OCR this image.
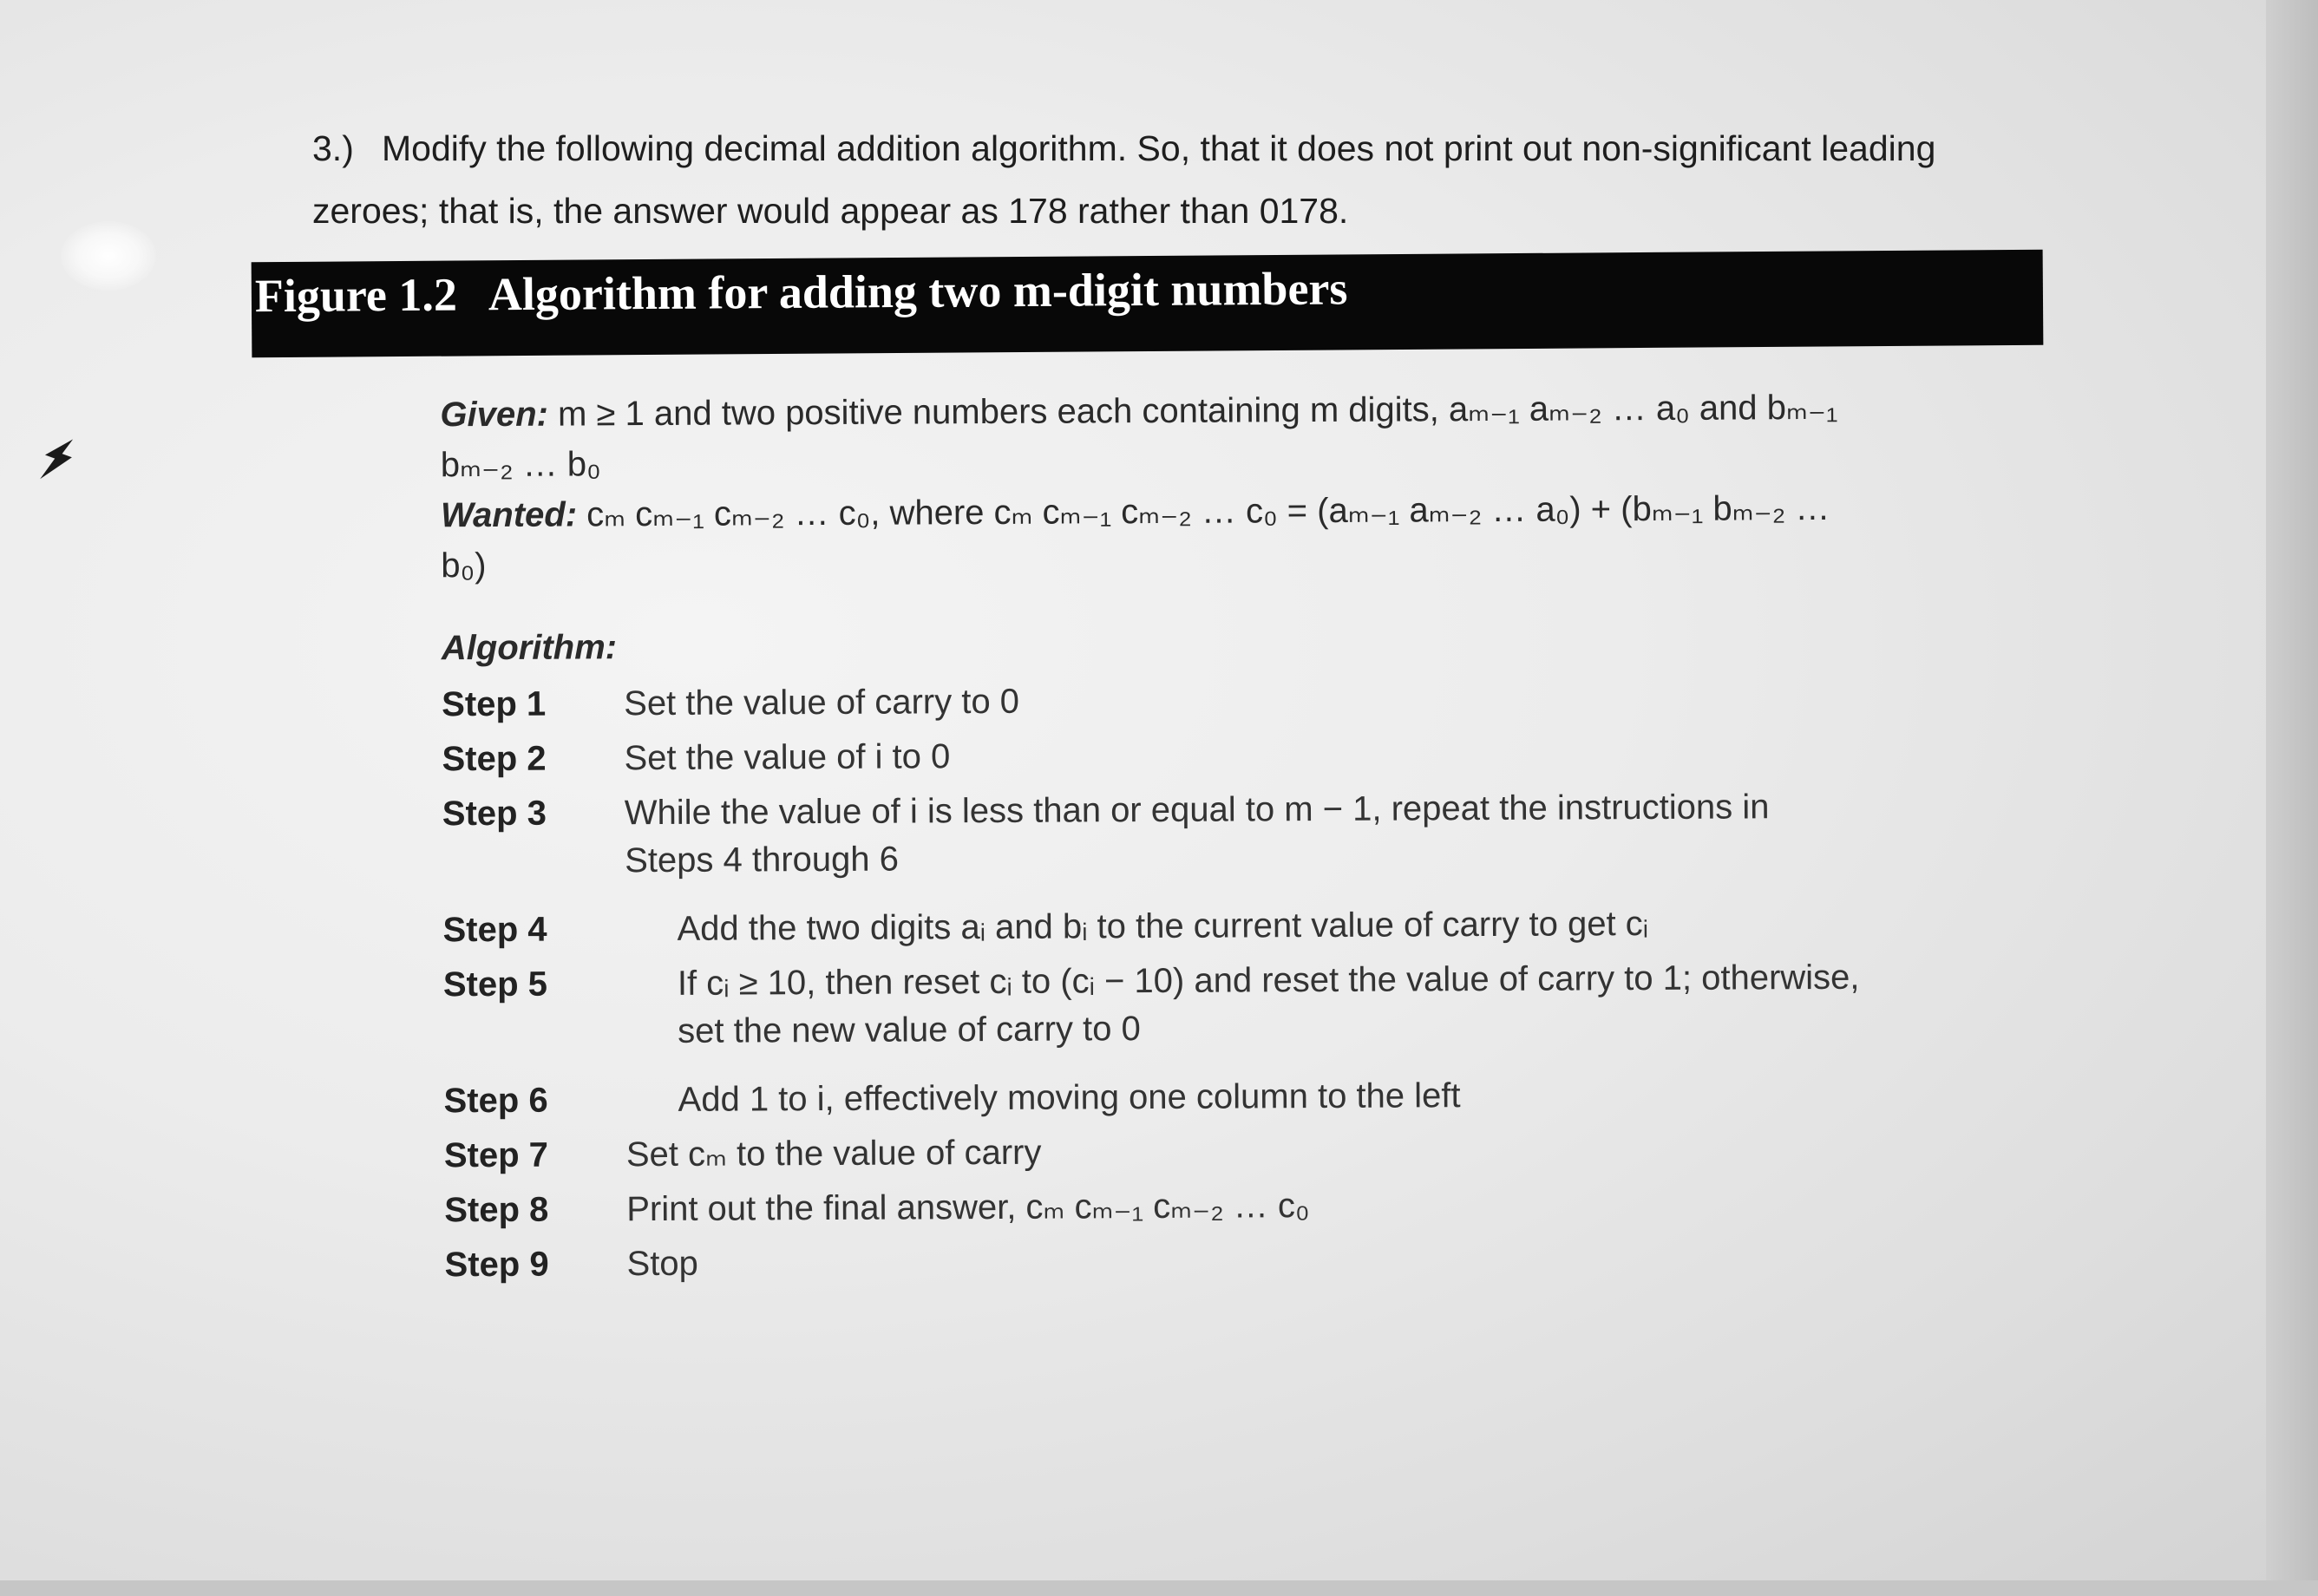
3.) Modify the following decimal addition algorithm. So, that it does not print out non-significant leading zeroes; that is, the answer would appear as 178 rather than 0178.
Figure 1.2 Algorithm for adding two m-digit numbers

Given: m ≥ 1 and two positive numbers each containing m digits, aₘ₋₁ aₘ₋₂ … a₀ and bₘ₋₁ bₘ₋₂ … b₀

Wanted: cₘ cₘ₋₁ cₘ₋₂ … c₀, where cₘ cₘ₋₁ cₘ₋₂ … c₀ = (aₘ₋₁ aₘ₋₂ … a₀) + (bₘ₋₁ bₘ₋₂ … b₀)

Algorithm:
Step 1	Set the value of carry to 0
Step 2	Set the value of i to 0
Step 3	While the value of i is less than or equal to m − 1, repeat the instructions in Steps 4 through 6
Step 4	Add the two digits aᵢ and bᵢ to the current value of carry to get cᵢ
Step 5	If cᵢ ≥ 10, then reset cᵢ to (cᵢ − 10) and reset the value of carry to 1; otherwise, set the new value of carry to 0
Step 6	Add 1 to i, effectively moving one column to the left
Step 7	Set cₘ to the value of carry
Step 8	Print out the final answer, cₘ cₘ₋₁ cₘ₋₂ … c₀
Step 9	Stop
